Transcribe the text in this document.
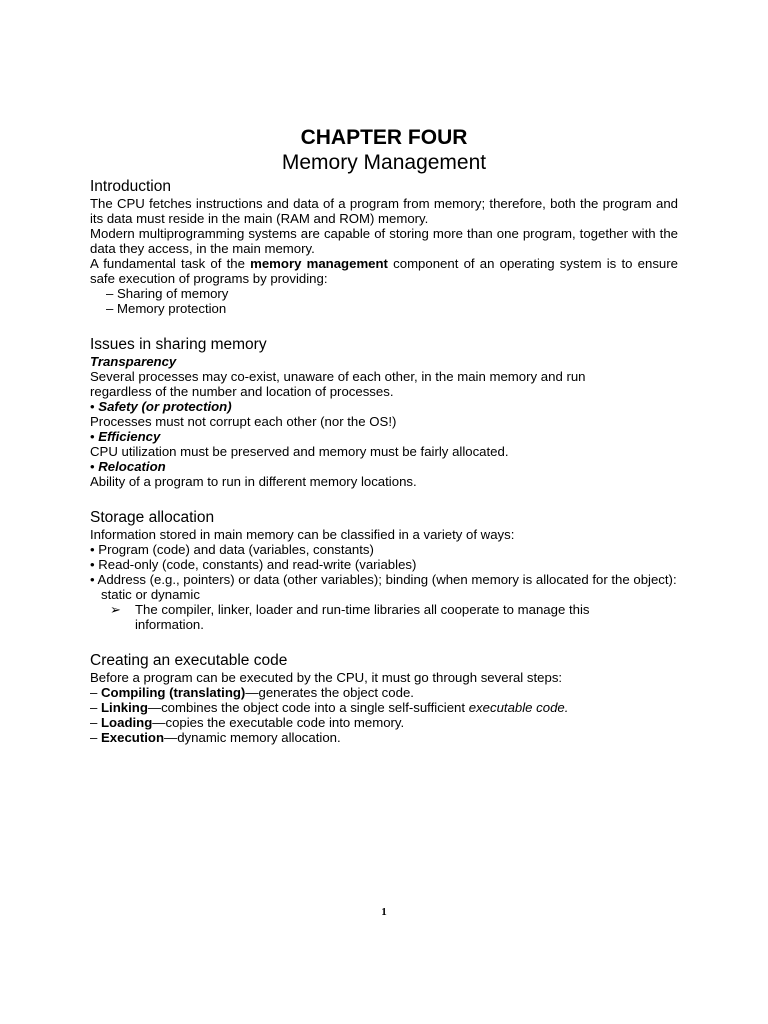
CHAPTER FOUR
Memory Management
Introduction

The CPU fetches instructions and data of a program from memory; therefore, both the program and its data must reside in the main (RAM and ROM) memory.

Modern multiprogramming systems are capable of storing more than one program, together with the data they access, in the main memory.

A fundamental task of the memory management component of an operating system is to ensure safe execution of programs by providing:

– Sharing of memory
– Memory protection
Issues in sharing memory
Transparency

Several processes may co-exist, unaware of each other, in the main memory and run regardless of the number and location of processes.

• Safety (or protection)

Processes must not corrupt each other (nor the OS!)

• Efficiency

CPU utilization must be preserved and memory must be fairly allocated.

• Relocation

Ability of a program to run in different memory locations.

Storage allocation

Information stored in main memory can be classified in a variety of ways:

• Program (code) and data (variables, constants)
• Read-only (code, constants) and read-write (variables)
• Address (e.g., pointers) or data (other variables); binding (when memory is allocated for the object): static or dynamic
➢	The compiler, linker, loader and run-time libraries all cooperate to manage this information.
Creating an executable code

Before a program can be executed by the CPU, it must go through several steps:

– Compiling (translating)—generates the object code.
– Linking—combines the object code into a single self-sufficient executable code.
– Loading—copies the executable code into memory.
– Execution—dynamic memory allocation.
1
